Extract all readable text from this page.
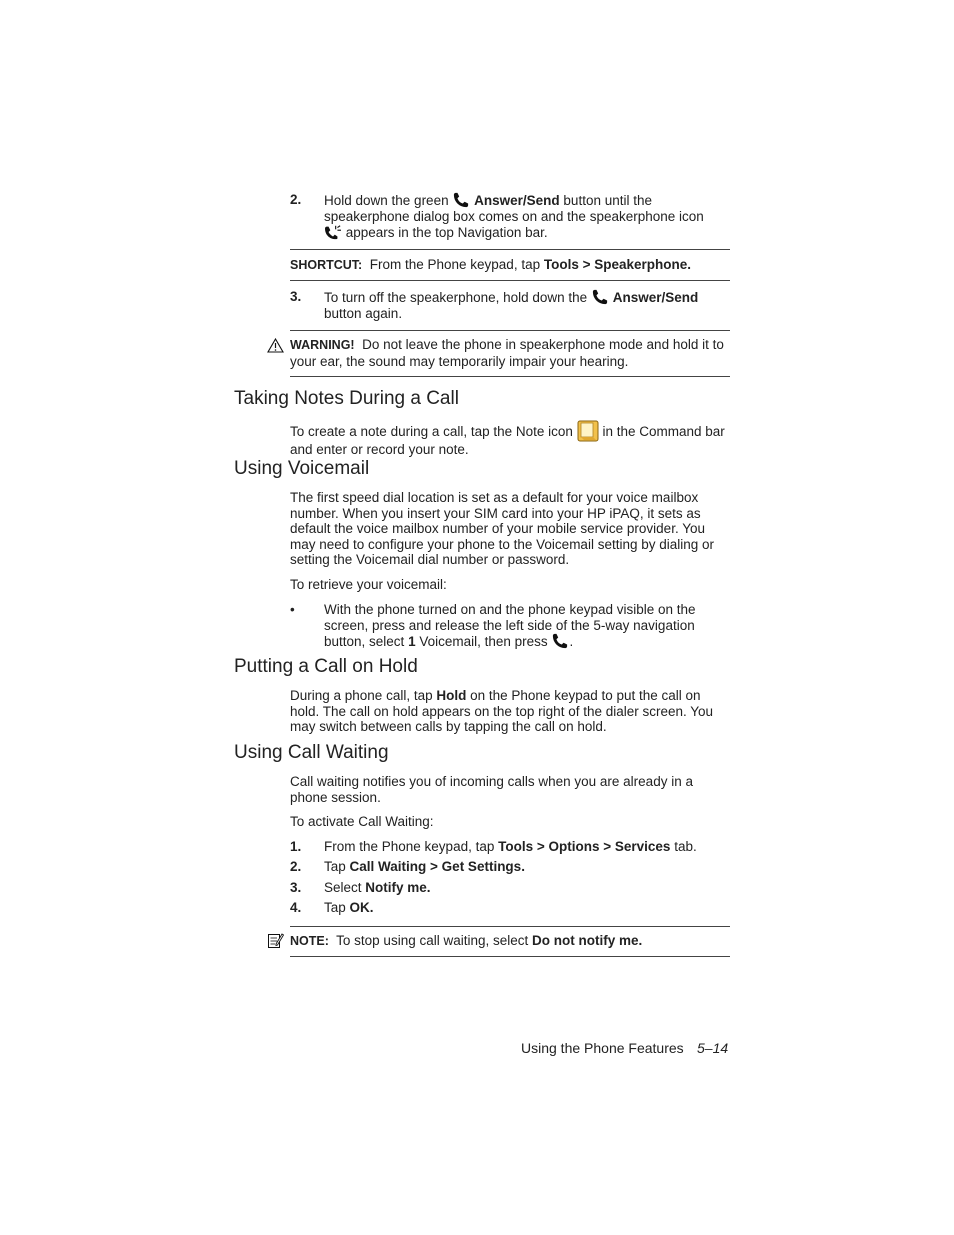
2. Hold down the green Answer/Send button until the speakerphone dialog box comes on and the speakerphone icon
appears in the top Navigation bar.
SHORTCUT: From the Phone keypad, tap Tools > Speakerphone.
3. To turn off the speakerphone, hold down the Answer/Send
button again.
WARNING! Do not leave the phone in speakerphone mode and hold it to your ear, the sound may temporarily impair your hearing.
Taking Notes During a Call
To create a note during a call, tap the Note icon in the Command bar and enter or record your note.
Using Voicemail
The first speed dial location is set as a default for your voice mailbox number. When you insert your SIM card into your HP iPAQ, it sets as default the voice mailbox number of your mobile service provider. You may need to configure your phone to the Voicemail setting by dialing or setting the Voicemail dial number or password.
To retrieve your voicemail:
• With the phone turned on and the phone keypad visible on the screen, press and release the left side of the 5-way navigation button, select 1 Voicemail, then press .
Putting a Call on Hold
During a phone call, tap Hold on the Phone keypad to put the call on hold. The call on hold appears on the top right of the dialer screen. You may switch between calls by tapping the call on hold.
Using Call Waiting
Call waiting notifies you of incoming calls when you are already in a phone session.
To activate Call Waiting:
1. From the Phone keypad, tap Tools > Options > Services tab.
2. Tap Call Waiting > Get Settings.
3. Select Notify me.
4. Tap OK.
NOTE: To stop using call waiting, select Do not notify me.
Using the Phone Features 5–14
